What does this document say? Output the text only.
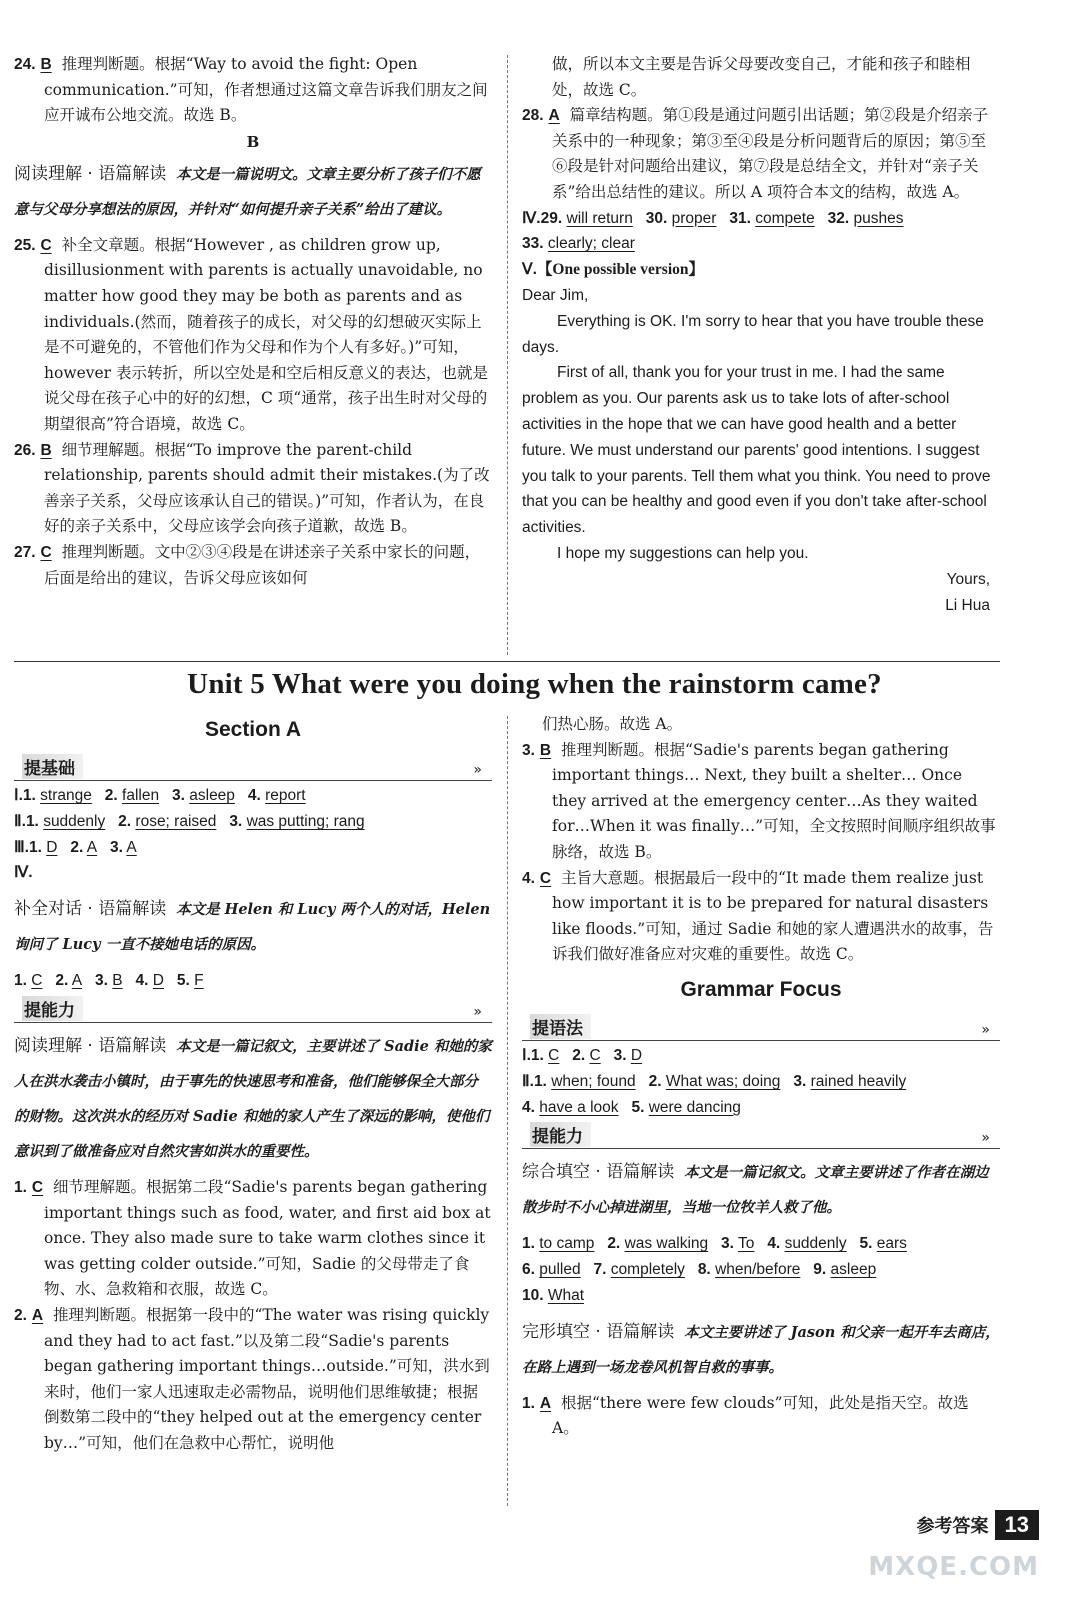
24. B 推理判断题。根据“Way to avoid the fight: Open communication.”可知，作者想通过这篇文章告诉我们朋友之间应开诚布公地交流。故选 B。

B

阅读理解 · 语篇解读 本文是一篇说明文。文章主要分析了孩子们不愿意与父母分享想法的原因，并针对“如何提升亲子关系”给出了建议。

25. C 补全文章题。根据“However , as children grow up, disillusionment with parents is actually unavoidable, no matter how good they may be both as parents and as individuals.(然而，随着孩子的成长，对父母的幻想破灭实际上是不可避免的，不管他们作为父母和作为个人有多好。)”可知，however 表示转折，所以空处是和空后相反意义的表达，也就是说父母在孩子心中的好的幻想，C 项“通常，孩子出生时对父母的期望很高”符合语境，故选 C。

26. B 细节理解题。根据“To improve the parent-child relationship, parents should admit their mistakes.(为了改善亲子关系，父母应该承认自己的错误。)”可知，作者认为，在良好的亲子关系中，父母应该学会向孩子道歉，故选 B。

27. C 推理判断题。文中②③④段是在讲述亲子关系中家长的问题，后面是给出的建议，告诉父母应该如何

做，所以本文主要是告诉父母要改变自己，才能和孩子和睦相处，故选 C。

28. A 篇章结构题。第①段是通过问题引出话题；第②段是介绍亲子关系中的一种现象；第③至④段是分析问题背后的原因；第⑤至⑥段是针对问题给出建议，第⑦段是总结全文，并针对“亲子关系”给出总结性的建议。所以 A 项符合本文的结构，故选 A。

Ⅳ.29. will return 30. proper 31. compete 32. pushes
33. clearly; clear

Ⅴ.【One possible version】

Dear Jim,

Everything is OK. I'm sorry to hear that you have trouble these days.

First of all, thank you for your trust in me. I had the same problem as you. Our parents ask us to take lots of after-school activities in the hope that we can have good health and a better future. We must understand our parents' good intentions. I suggest you talk to your parents. Tell them what you think. You need to prove that you can be healthy and good even if you don't take after-school activities.

I hope my suggestions can help you.

Yours,

Li Hua

Unit 5 What were you doing when the rainstorm came?
Section A
提基础	»

Ⅰ.1. strange 2. fallen 3. asleep 4. report

Ⅱ.1. suddenly 2. rose; raised 3. was putting; rang

Ⅲ.1. D 2. A 3. A

Ⅳ.

补全对话 · 语篇解读 本文是 Helen 和 Lucy 两个人的对话，Helen 询问了 Lucy 一直不接她电话的原因。

1. C 2. A 3. B 4. D 5. F

提能力	»

阅读理解 · 语篇解读 本文是一篇记叙文，主要讲述了 Sadie 和她的家人在洪水袭击小镇时，由于事先的快速思考和准备，他们能够保全大部分的财物。这次洪水的经历对 Sadie 和她的家人产生了深远的影响，使他们意识到了做准备应对自然灾害如洪水的重要性。

1. C 细节理解题。根据第二段“Sadie's parents began gathering important things such as food, water, and first aid box at once. They also made sure to take warm clothes since it was getting colder outside.”可知，Sadie 的父母带走了食物、水、急救箱和衣服，故选 C。

2. A 推理判断题。根据第一段中的“The water was rising quickly and they had to act fast.”以及第二段“Sadie's parents began gathering important things…outside.”可知，洪水到来时，他们一家人迅速取走必需物品，说明他们思维敏捷；根据倒数第二段中的“they helped out at the emergency center by…”可知，他们在急救中心帮忙，说明他

们热心肠。故选 A。

3. B 推理判断题。根据“Sadie's parents began gathering important things… Next, they built a shelter… Once they arrived at the emergency center…As they waited for…When it was finally…”可知，全文按照时间顺序组织故事脉络，故选 B。

4. C 主旨大意题。根据最后一段中的“It made them realize just how important it is to be prepared for natural disasters like floods.”可知，通过 Sadie 和她的家人遭遇洪水的故事，告诉我们做好准备应对灾难的重要性。故选 C。

Grammar Focus
提语法	»

Ⅰ.1. C 2. C 3. D

Ⅱ.1. when; found 2. What was; doing 3. rained heavily
4. have a look 5. were dancing

提能力	»

综合填空 · 语篇解读 本文是一篇记叙文。文章主要讲述了作者在湖边散步时不小心掉进湖里，当地一位牧羊人救了他。

1. to camp 2. was walking 3. To 4. suddenly 5. ears
6. pulled 7. completely 8. when/before 9. asleep
10. What

完形填空 · 语篇解读 本文主要讲述了 Jason 和父亲一起开车去商店，在路上遇到一场龙卷风机智自救的事事。

1. A 根据“there were few clouds”可知，此处是指天空。故选 A。

参考答案 13
MXQE.COM
